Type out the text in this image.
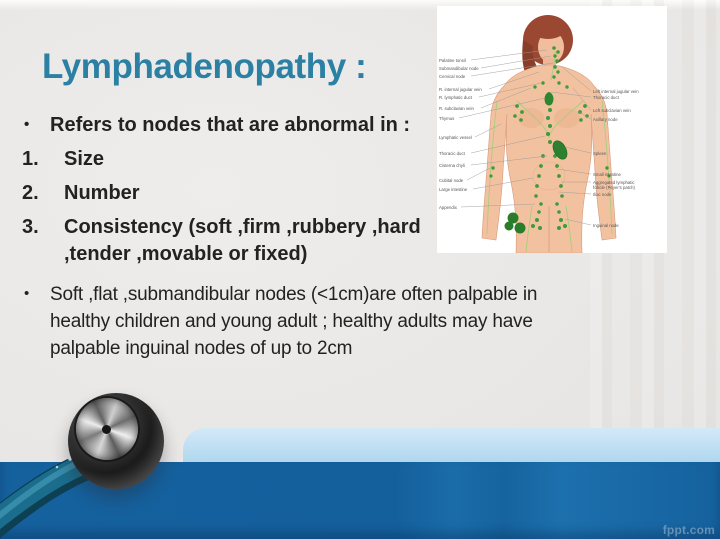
Lymphadenopathy :
•	Refers to nodes that are abnormal in :
1.	Size
2.	Number
3.	Consistency (soft ,firm ,rubbery ,hard
,tender ,movable or fixed)
•	Soft ,flat ,submandibular nodes (<1cm)are often palpable in
healthy children and young adult ; healthy adults may have
palpable inguinal nodes of up to 2cm
Palatine tonsil
Submandibular node
Cervical node
R. internal jugular vein
R. lymphatic duct
R. subclavian vein
Thymus
Lymphatic vessel
Thoracic duct
Cisterna chyli
Cubital node
Large intestine
Appendix
Left internal jugular vein
Thoracic duct
Left subclavian vein
Axillary node
Spleen
Small intestine
Aggregated lymphatic
follicle (Peyer's patch)
Iliac node
Inguinal node
fppt.com
